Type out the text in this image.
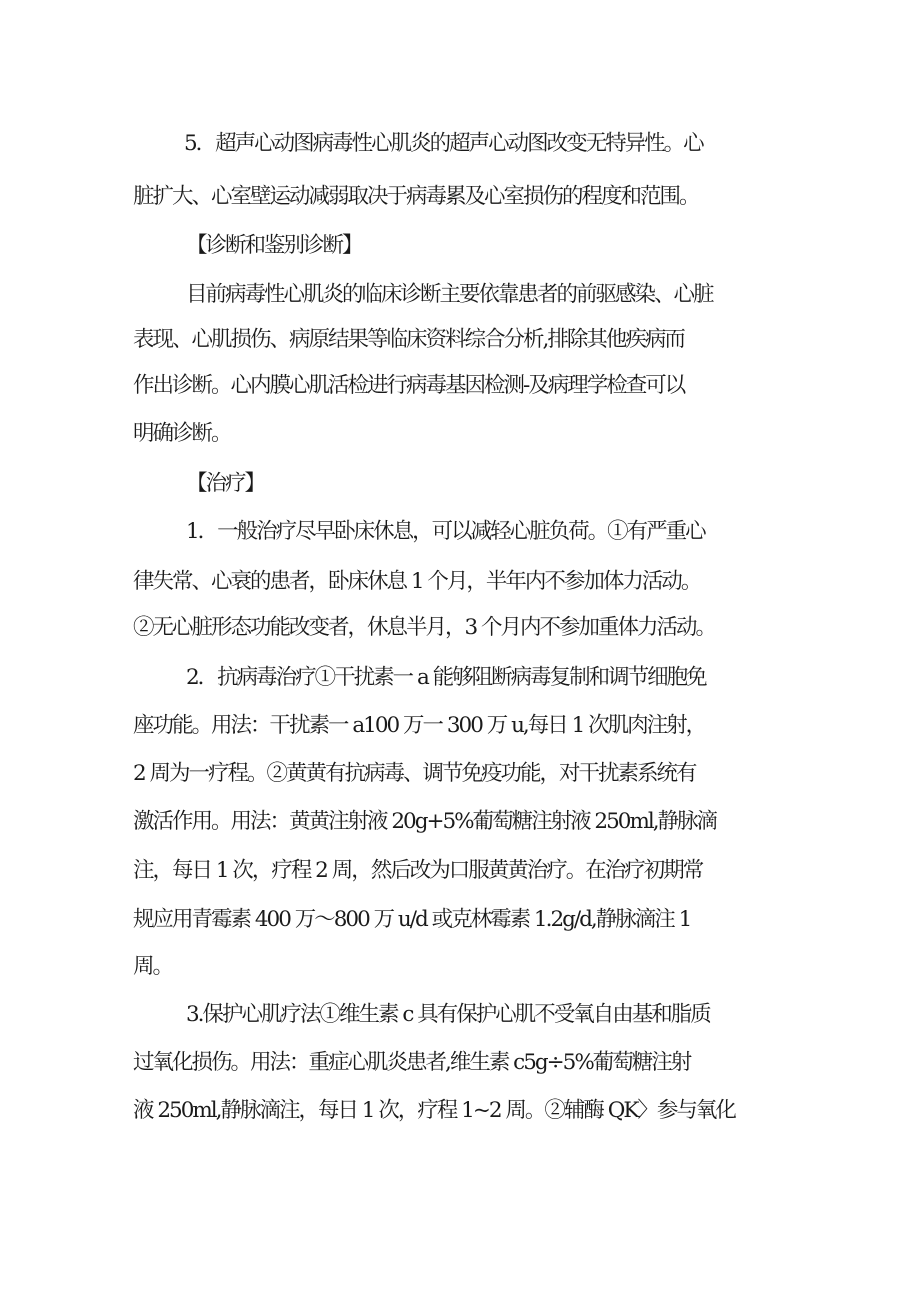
5．超声心动图病毒性心肌炎的超声心动图改变无特异性。心
脏扩大、心室壁运动减弱取决于病毒累及心室损伤的程度和范围。
【诊断和鉴别诊断】
目前病毒性心肌炎的临床诊断主要依靠患者的前驱感染、心脏
表现、心肌损伤、病原结果等临床资料综合分析,排除其他疾病而
作出诊断。心内膜心肌活检进行病毒基因检测-及病理学检查可以
明确诊断。
【治疗】
1．一般治疗尽早卧床休息，可以减轻心脏负荷。①有严重心
律失常、心衰的患者，卧床休息 1 个月，半年内不参加体力活动。
②无心脏形态功能改变者，休息半月，3 个月内不参加重体力活动。
2．抗病毒治疗①干扰素一 a 能够阻断病毒复制和调节细胞免
座功能。用法：干扰素一 a100 万一 300 万 u,每日 1 次肌肉注射，
2 周为一疗程。②黄黄有抗病毒、调节免疫功能，对干扰素系统有
激活作用。用法：黄黄注射液 20g+5%葡萄糖注射液 250ml,静脉滴
注，每日 1 次，疗程 2 周，然后改为口服黄黄治疗。在治疗初期常
规应用青霉素 400 万～800 万 u/d 或克林霉素 1.2g/d,静脉滴注 1
周。
3.保护心肌疗法①维生素 c 具有保护心肌不受氧自由基和脂质
过氧化损伤。用法：重症心肌炎患者,维生素 c5g÷5%葡萄糖注射
液 250ml,静脉滴注，每日 1 次，疗程 1~2 周。②辅酶 QK〉参与氧化
